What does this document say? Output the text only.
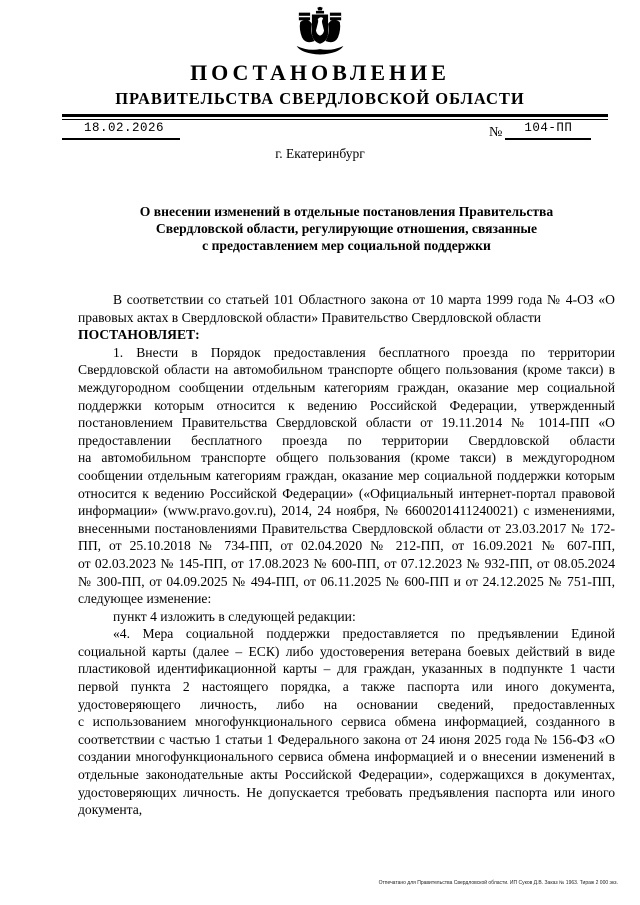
ПОСТАНОВЛЕНИЕ
ПРАВИТЕЛЬСТВА СВЕРДЛОВСКОЙ ОБЛАСТИ
18.02.2026	№	104-ПП
г. Екатеринбург
О внесении изменений в отдельные постановления Правительства
Свердловской области, регулирующие отношения, связанные
с предоставлением мер социальной поддержки

В соответствии со статьей 101 Областного закона от 10 марта 1999 года № 4-ОЗ «О правовых актах в Свердловской области» Правительство Свердловской области

ПОСТАНОВЛЯЕТ:

1. Внести в Порядок предоставления бесплатного проезда по территории Свердловской области на автомобильном транспорте общего пользования (кроме такси) в междугородном сообщении отдельным категориям граждан, оказание мер социальной поддержки которым относится к ведению Российской Федерации, утвержденный постановлением Правительства Свердловской области от 19.11.2014 № 1014-ПП «О предоставлении бесплатного проезда по территории Свердловской области на автомобильном транспорте общего пользования (кроме такси) в междугородном сообщении отдельным категориям граждан, оказание мер социальной поддержки которым относится к ведению Российской Федерации» («Официальный интернет-портал правовой информации» (www.pravo.gov.ru), 2014, 24 ноября, № 6600201411240021) с изменениями, внесенными постановлениями Правительства Свердловской области от 23.03.2017 № 172-ПП, от 25.10.2018 № 734-ПП, от 02.04.2020 № 212-ПП, от 16.09.2021 № 607-ПП, от 02.03.2023 № 145-ПП, от 17.08.2023 № 600-ПП, от 07.12.2023 № 932-ПП, от 08.05.2024 № 300-ПП, от 04.09.2025 № 494-ПП, от 06.11.2025 № 600-ПП и от 24.12.2025 № 751-ПП, следующее изменение:

пункт 4 изложить в следующей редакции:

«4. Мера социальной поддержки предоставляется по предъявлении Единой социальной карты (далее – ЕСК) либо удостоверения ветерана боевых действий в виде пластиковой идентификационной карты – для граждан, указанных в подпункте 1 части первой пункта 2 настоящего порядка, а также паспорта или иного документа, удостоверяющего личность, либо на основании сведений, предоставленных с использованием многофункционального сервиса обмена информацией, созданного в соответствии с частью 1 статьи 1 Федерального закона от 24 июня 2025 года № 156-ФЗ «О создании многофункционального сервиса обмена информацией и о внесении изменений в отдельные законодательные акты Российской Федерации», содержащихся в документах, удостоверяющих личность. Не допускается требовать предъявления паспорта или иного документа,

Отпечатано для Правительства Свердловской области. ИП Суков Д.В. Заказ № 1963. Тираж 2 000 экз.
